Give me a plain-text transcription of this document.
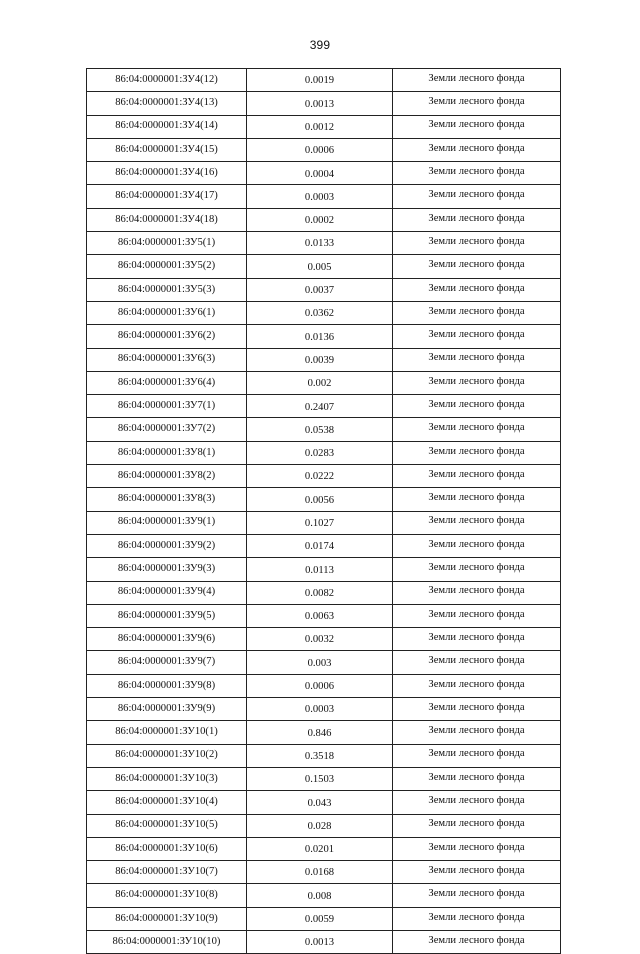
399
86:04:0000001:ЗУ4(12)	0.0019	Земли лесного фонда
86:04:0000001:ЗУ4(13)	0.0013	Земли лесного фонда
86:04:0000001:ЗУ4(14)	0.0012	Земли лесного фонда
86:04:0000001:ЗУ4(15)	0.0006	Земли лесного фонда
86:04:0000001:ЗУ4(16)	0.0004	Земли лесного фонда
86:04:0000001:ЗУ4(17)	0.0003	Земли лесного фонда
86:04:0000001:ЗУ4(18)	0.0002	Земли лесного фонда
86:04:0000001:ЗУ5(1)	0.0133	Земли лесного фонда
86:04:0000001:ЗУ5(2)	0.005	Земли лесного фонда
86:04:0000001:ЗУ5(3)	0.0037	Земли лесного фонда
86:04:0000001:ЗУ6(1)	0.0362	Земли лесного фонда
86:04:0000001:ЗУ6(2)	0.0136	Земли лесного фонда
86:04:0000001:ЗУ6(3)	0.0039	Земли лесного фонда
86:04:0000001:ЗУ6(4)	0.002	Земли лесного фонда
86:04:0000001:ЗУ7(1)	0.2407	Земли лесного фонда
86:04:0000001:ЗУ7(2)	0.0538	Земли лесного фонда
86:04:0000001:ЗУ8(1)	0.0283	Земли лесного фонда
86:04:0000001:ЗУ8(2)	0.0222	Земли лесного фонда
86:04:0000001:ЗУ8(3)	0.0056	Земли лесного фонда
86:04:0000001:ЗУ9(1)	0.1027	Земли лесного фонда
86:04:0000001:ЗУ9(2)	0.0174	Земли лесного фонда
86:04:0000001:ЗУ9(3)	0.0113	Земли лесного фонда
86:04:0000001:ЗУ9(4)	0.0082	Земли лесного фонда
86:04:0000001:ЗУ9(5)	0.0063	Земли лесного фонда
86:04:0000001:ЗУ9(6)	0.0032	Земли лесного фонда
86:04:0000001:ЗУ9(7)	0.003	Земли лесного фонда
86:04:0000001:ЗУ9(8)	0.0006	Земли лесного фонда
86:04:0000001:ЗУ9(9)	0.0003	Земли лесного фонда
86:04:0000001:ЗУ10(1)	0.846	Земли лесного фонда
86:04:0000001:ЗУ10(2)	0.3518	Земли лесного фонда
86:04:0000001:ЗУ10(3)	0.1503	Земли лесного фонда
86:04:0000001:ЗУ10(4)	0.043	Земли лесного фонда
86:04:0000001:ЗУ10(5)	0.028	Земли лесного фонда
86:04:0000001:ЗУ10(6)	0.0201	Земли лесного фонда
86:04:0000001:ЗУ10(7)	0.0168	Земли лесного фонда
86:04:0000001:ЗУ10(8)	0.008	Земли лесного фонда
86:04:0000001:ЗУ10(9)	0.0059	Земли лесного фонда
86:04:0000001:ЗУ10(10)	0.0013	Земли лесного фонда
